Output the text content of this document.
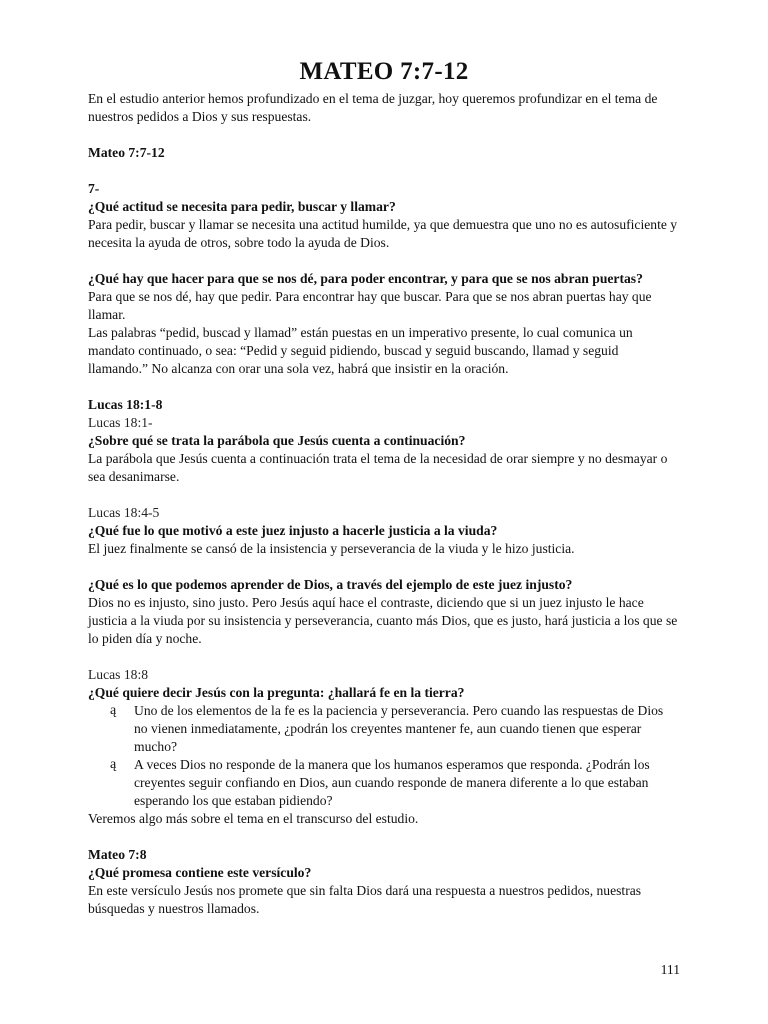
MATEO 7:7-12

En el estudio anterior hemos profundizado en el tema de juzgar, hoy queremos profundizar en el tema de nuestros pedidos a Dios y sus respuestas.

Mateo 7:7-12

7-

¿Qué actitud se necesita para pedir, buscar y llamar?

Para pedir, buscar y llamar se necesita una actitud humilde, ya que demuestra que uno no es autosuficiente y necesita la ayuda de otros, sobre todo la ayuda de Dios.

¿Qué hay que hacer para que se nos dé, para poder encontrar, y para que se nos abran puertas?

Para que se nos dé, hay que pedir. Para encontrar hay que buscar. Para que se nos abran puertas hay que llamar.

Las palabras “pedid, buscad y llamad” están puestas en un imperativo presente, lo cual comunica un mandato continuado, o sea: “Pedid y seguid pidiendo, buscad y seguid buscando, llamad y seguid llamando.” No alcanza con orar una sola vez, habrá que insistir en la oración.

Lucas 18:1-8

Lucas 18:1-

¿Sobre qué se trata la parábola que Jesús cuenta a continuación?

La parábola que Jesús cuenta a continuación trata el tema de la necesidad de orar siempre y no desmayar o sea desanimarse.

Lucas 18:4-5

¿Qué fue lo que motivó a este juez injusto a hacerle justicia a la viuda?

El juez finalmente se cansó de la insistencia y perseverancia de la viuda y le hizo justicia.

¿Qué es lo que podemos aprender de Dios, a través del ejemplo de este juez injusto?

Dios no es injusto, sino justo. Pero Jesús aquí hace el contraste, diciendo que si un juez injusto le hace justicia a la viuda por su insistencia y perseverancia, cuanto más Dios, que es justo, hará justicia a los que se lo piden día y noche.

Lucas 18:8

¿Qué quiere decir Jesús con la pregunta: ¿hallará fe en la tierra?

ą Uno de los elementos de la fe es la paciencia y perseverancia. Pero cuando las respuestas de Dios no vienen inmediatamente, ¿podrán los creyentes mantener fe, aun cuando tienen que esperar mucho?
ą A veces Dios no responde de la manera que los humanos esperamos que responda. ¿Podrán los creyentes seguir confiando en Dios, aun cuando responde de manera diferente a lo que estaban esperando los que estaban pidiendo?

Veremos algo más sobre el tema en el transcurso del estudio.

Mateo 7:8

¿Qué promesa contiene este versículo?

En este versículo Jesús nos promete que sin falta Dios dará una respuesta a nuestros pedidos, nuestras búsquedas y nuestros llamados.

111
